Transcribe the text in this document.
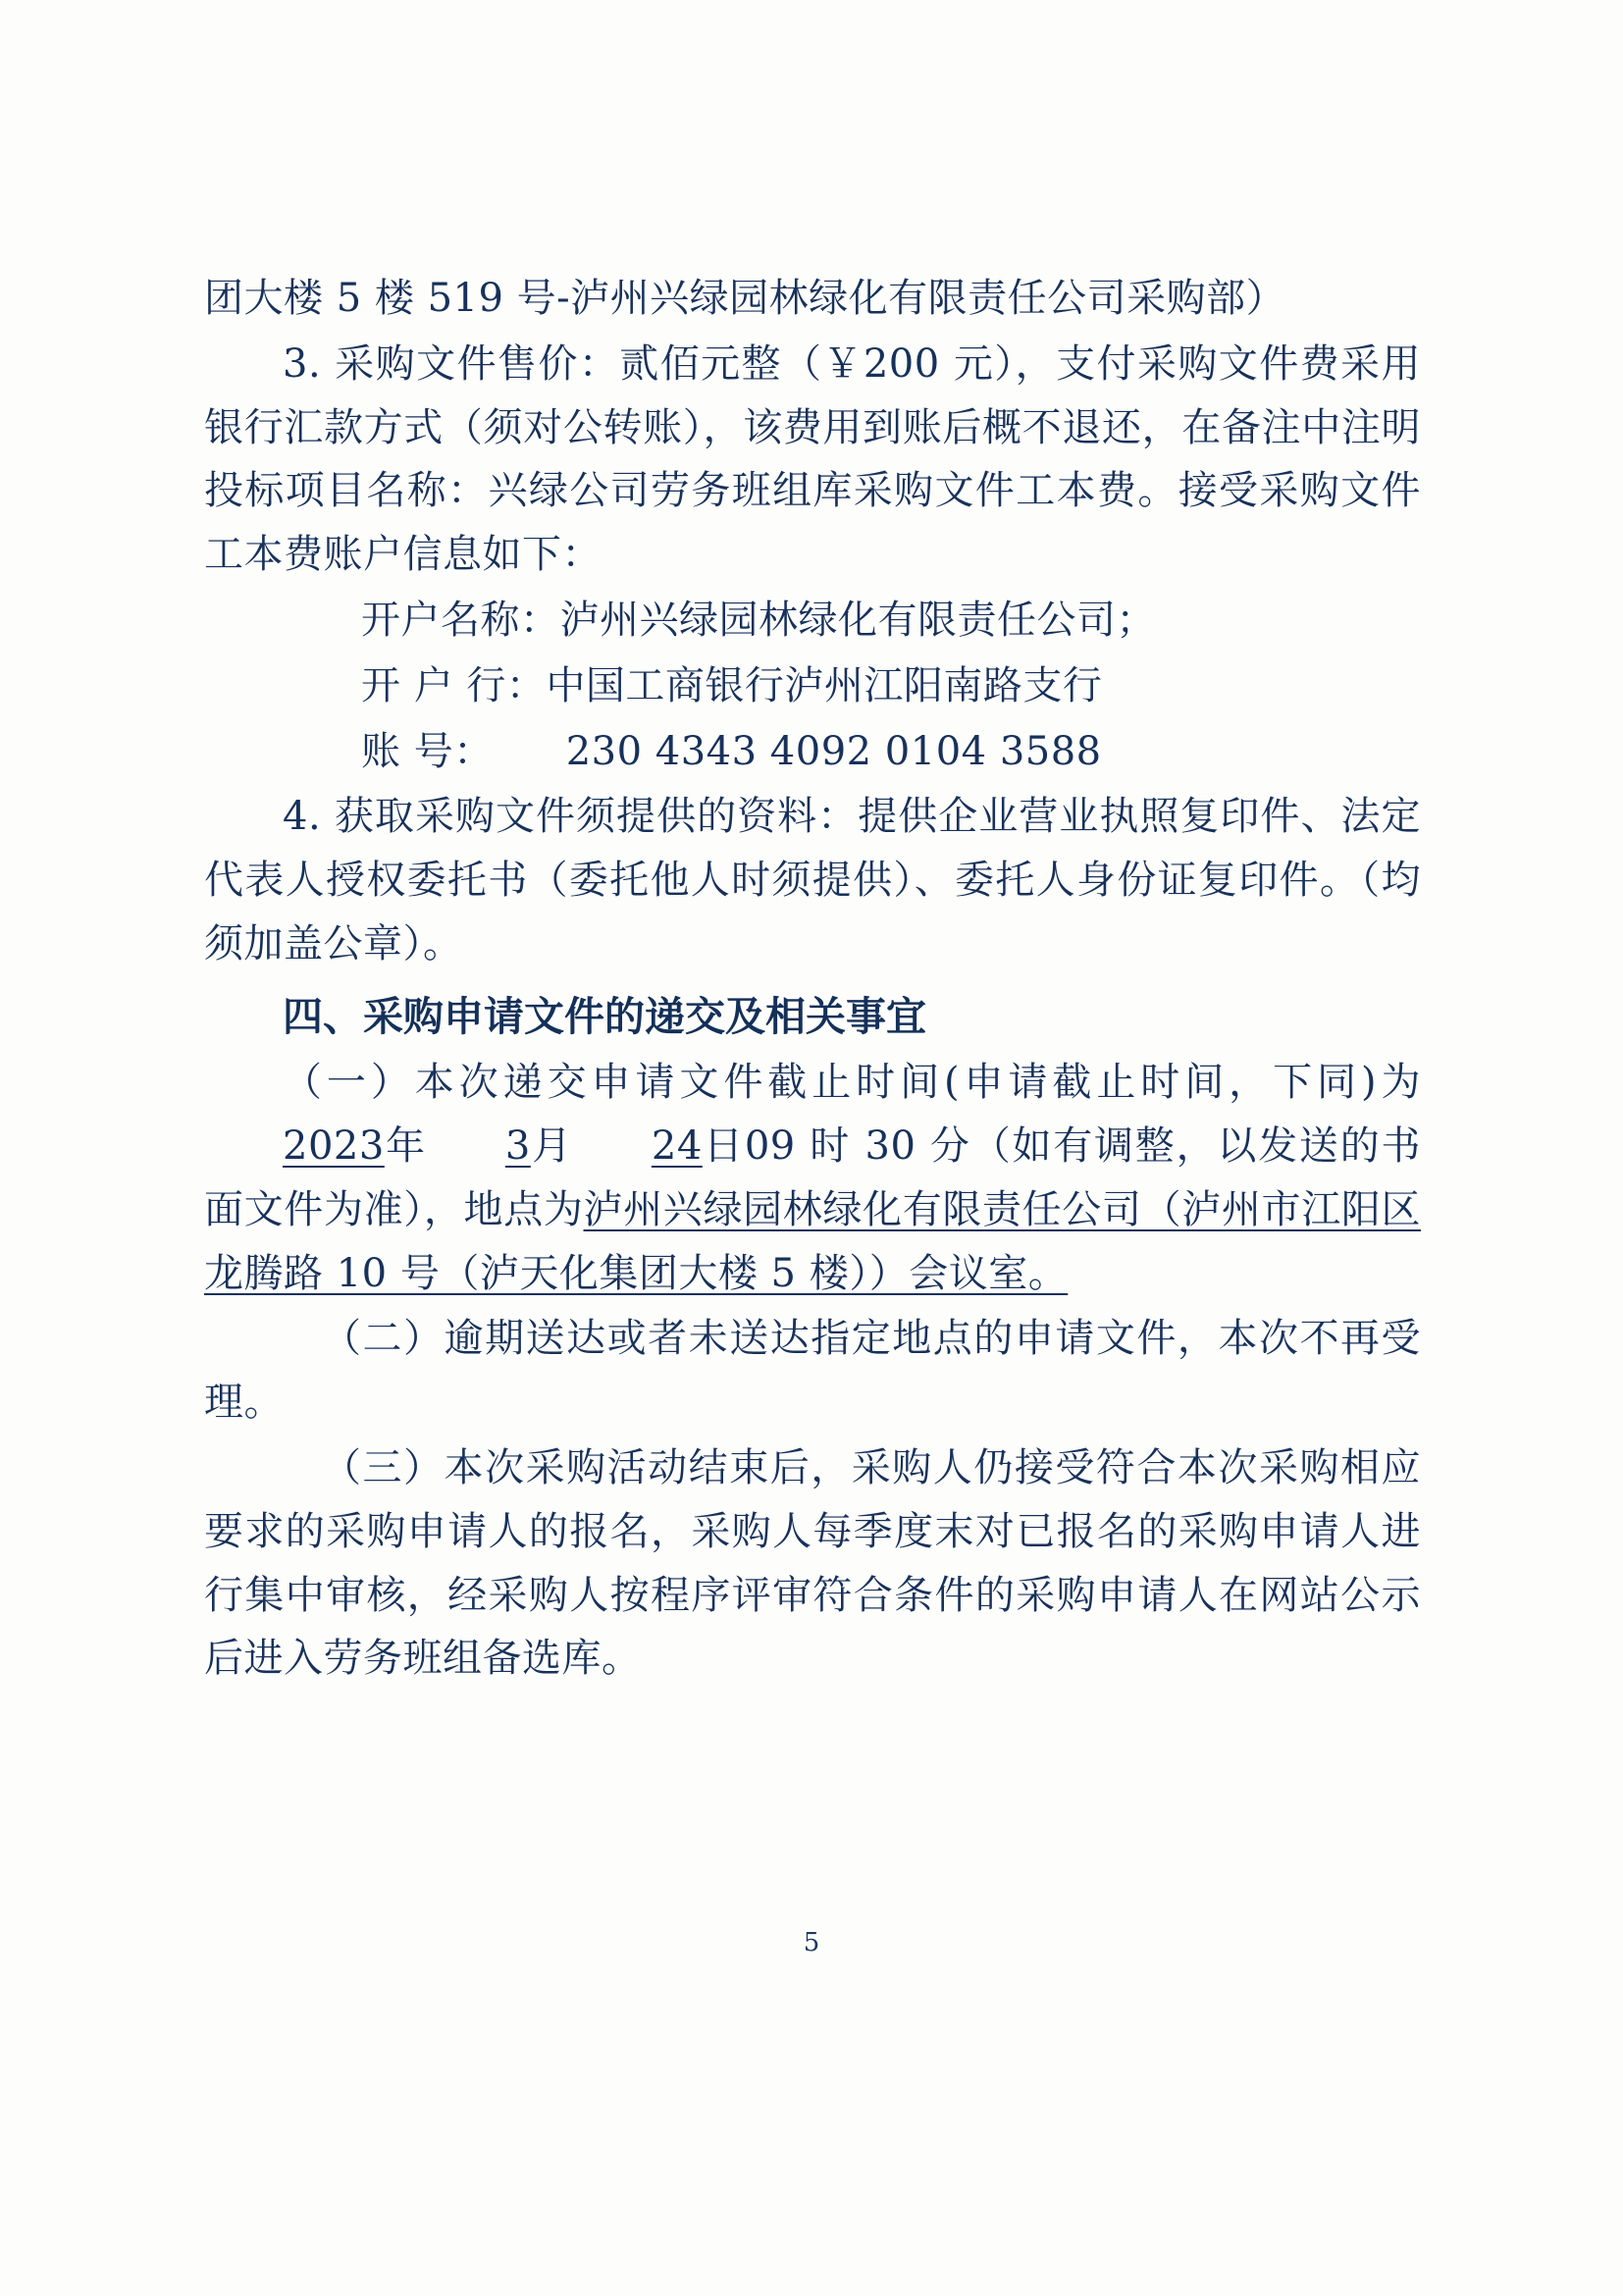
团大楼 5 楼 519 号-泸州兴绿园林绿化有限责任公司采购部）

3. 采购文件售价：贰佰元整（￥200 元），支付采购文件费采用银行汇款方式（须对公转账），该费用到账后概不退还，在备注中注明投标项目名称：兴绿公司劳务班组库采购文件工本费。接受采购文件工本费账户信息如下：

开户名称：泸州兴绿园林绿化有限责任公司；

开 户 行：中国工商银行泸州江阳南路支行

账 号： 230 4343 4092 0104 3588

4. 获取采购文件须提供的资料：提供企业营业执照复印件、法定代表人授权委托书（委托他人时须提供）、委托人身份证复印件。（均须加盖公章）。

四、采购申请文件的递交及相关事宜

（一）本次递交申请文件截止时间(申请截止时间，下同)为2023年 3月 24日09 时 30 分（如有调整，以发送的书面文件为准），地点为泸州兴绿园林绿化有限责任公司（泸州市江阳区龙腾路 10 号（泸天化集团大楼 5 楼））会议室。

（二）逾期送达或者未送达指定地点的申请文件，本次不再受理。

（三）本次采购活动结束后，采购人仍接受符合本次采购相应要求的采购申请人的报名，采购人每季度末对已报名的采购申请人进行集中审核，经采购人按程序评审符合条件的采购申请人在网站公示后进入劳务班组备选库。

5
